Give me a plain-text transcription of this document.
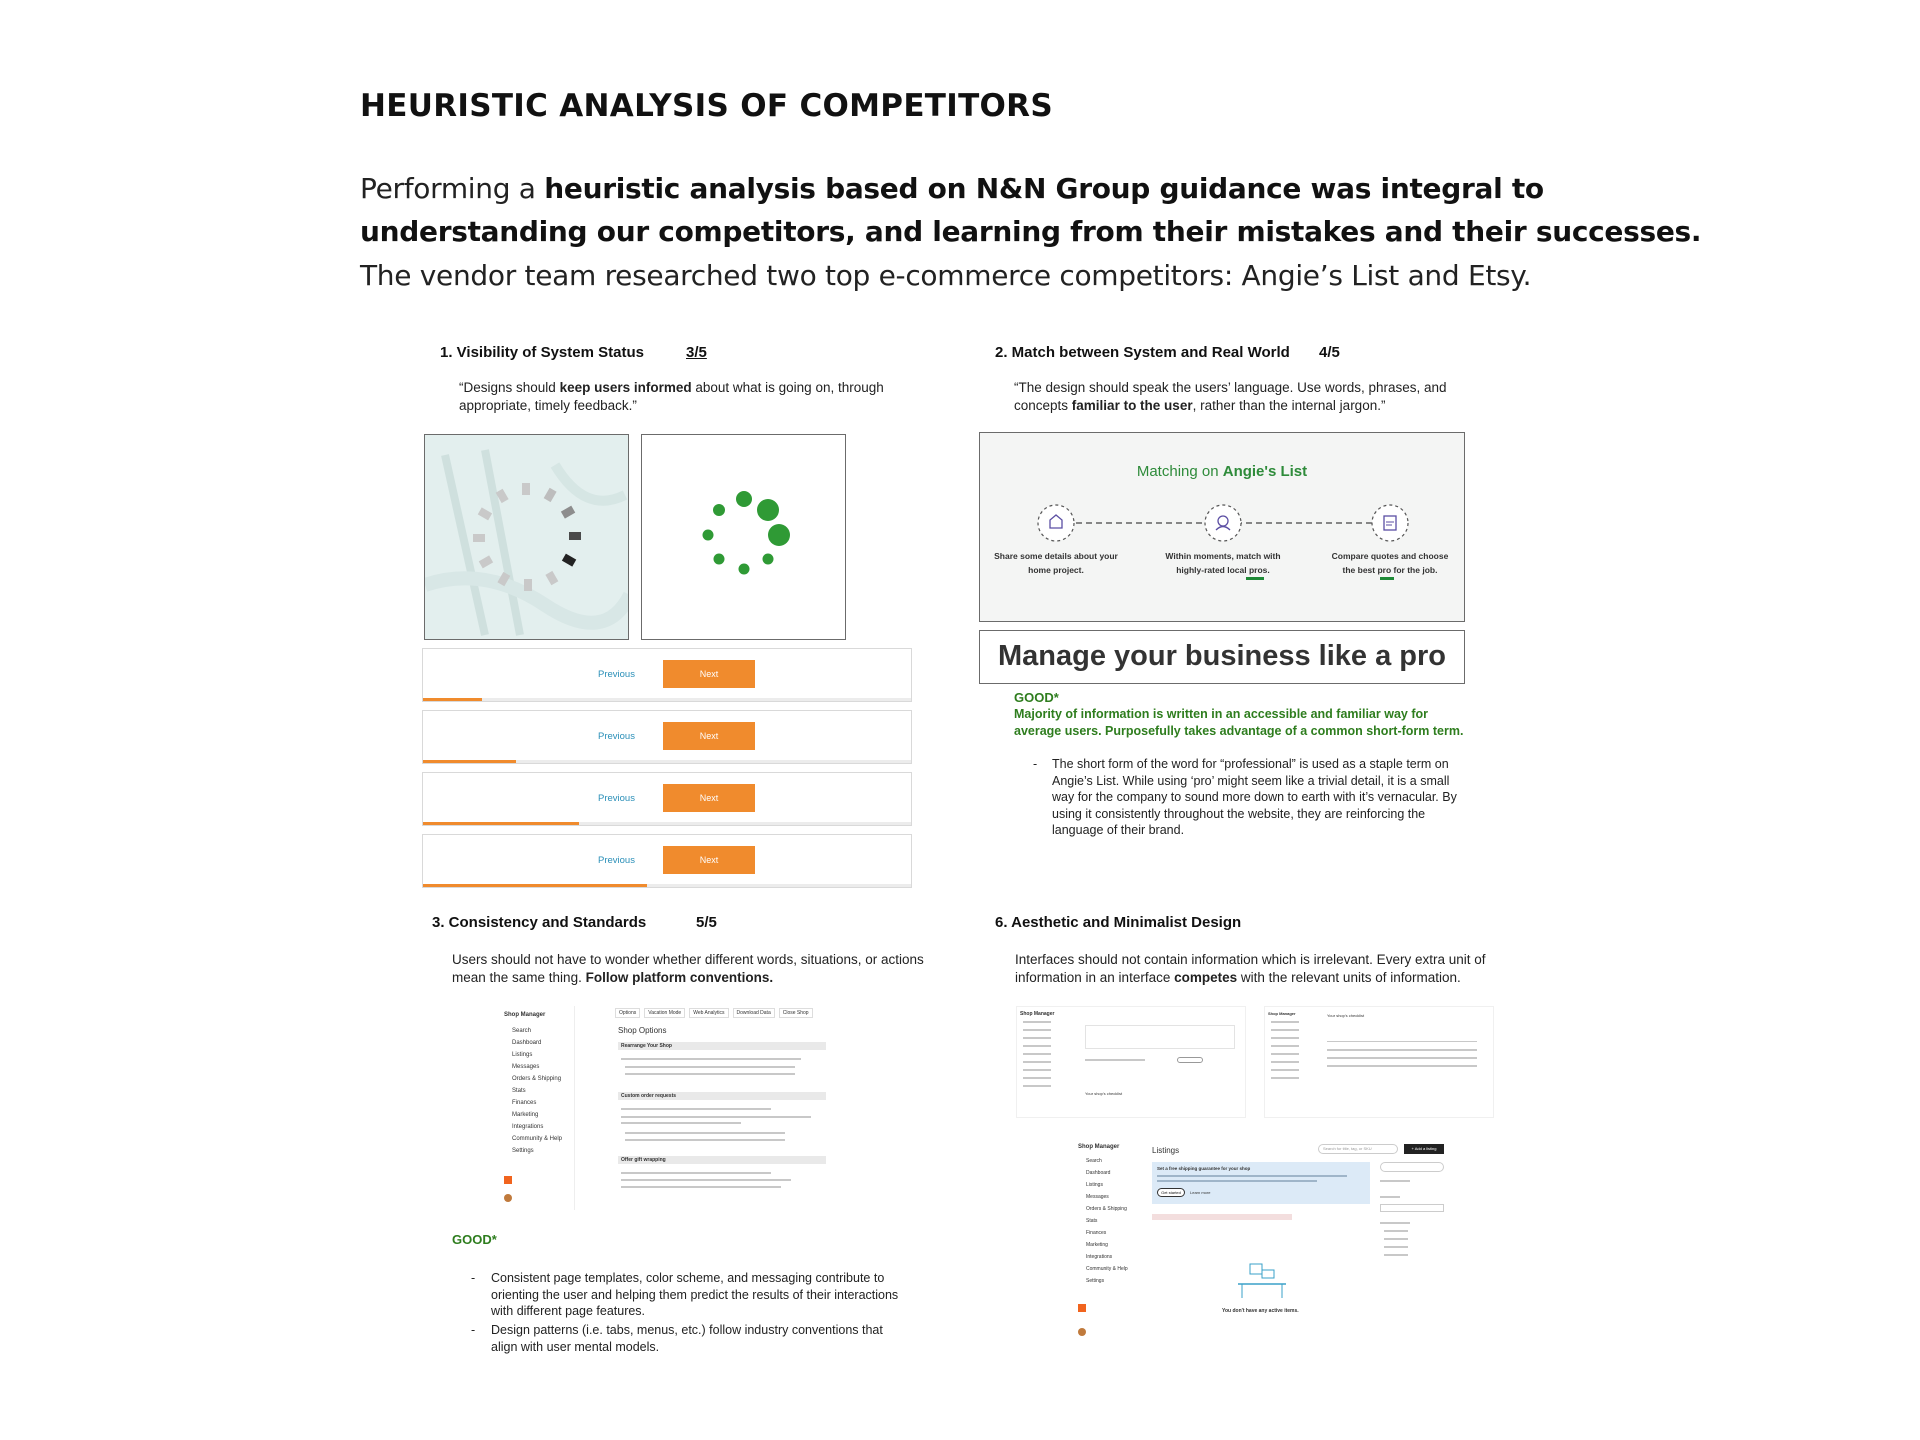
HEURISTIC ANALYSIS OF COMPETITORS
Performing a heuristic analysis based on N&N Group guidance was integral to
understanding our competitors, and learning from their mistakes and their successes.
The vendor team researched two top e-commerce competitors: Angie’s List and Etsy.
1. Visibility of System Status	3/5
“Designs should keep users informed about what is going on, through
appropriate, timely feedback.”
Previous	Next
Previous	Next
Previous	Next
Previous	Next
2. Match between System and Real World 4/5
“The design should speak the users’ language. Use words, phrases, and
concepts familiar to the user, rather than the internal jargon.”
Matching on Angie's List
Share some details about your
home project.
Within moments, match with
highly-rated local pros.
Compare quotes and choose
the best pro for the job.
Manage your business like a pro
GOOD*
Majority of information is written in an accessible and familiar way for
average users. Purposefully takes advantage of a common short-form term.
- The short form of the word for “professional” is used as a staple term on
Angie’s List. While using ‘pro’ might seem like a trivial detail, it is a small
way for the company to sound more down to earth with it’s vernacular. By
using it consistently throughout the website, they are reinforcing the
language of their brand.
3. Consistency and Standards	5/5
Users should not have to wonder whether different words, situations, or actions
mean the same thing. Follow platform conventions.
Shop Manager
Search
Dashboard
Listings
Messages
Orders & Shipping
Stats
Finances
Marketing
Integrations
Community & Help
Settings
Options	Vacation Mode	Web Analytics	Download Data	Close Shop
Shop Options
Rearrange Your Shop
Custom order requests
Offer gift wrapping
GOOD*
- Consistent page templates, color scheme, and messaging contribute to
orienting the user and helping them predict the results of their interactions
with different page features.
- Design patterns (i.e. tabs, menus, etc.) follow industry conventions that
align with user mental models.
6. Aesthetic and Minimalist Design
Interfaces should not contain information which is irrelevant. Every extra unit of
information in an interface competes with the relevant units of information.
Shop Manager
Your shop's checklist
Shop Manager	Your shop's checklist
Shop Manager
Search
Dashboard
Listings
Messages
Orders & Shipping
Stats
Finances
Marketing
Integrations
Community & Help
Settings
Listings	Search for title, tag, or SKU	+ Add a listing
Set a free shipping guarantee for your shop
Get started	Learn more
You don't have any active items.
